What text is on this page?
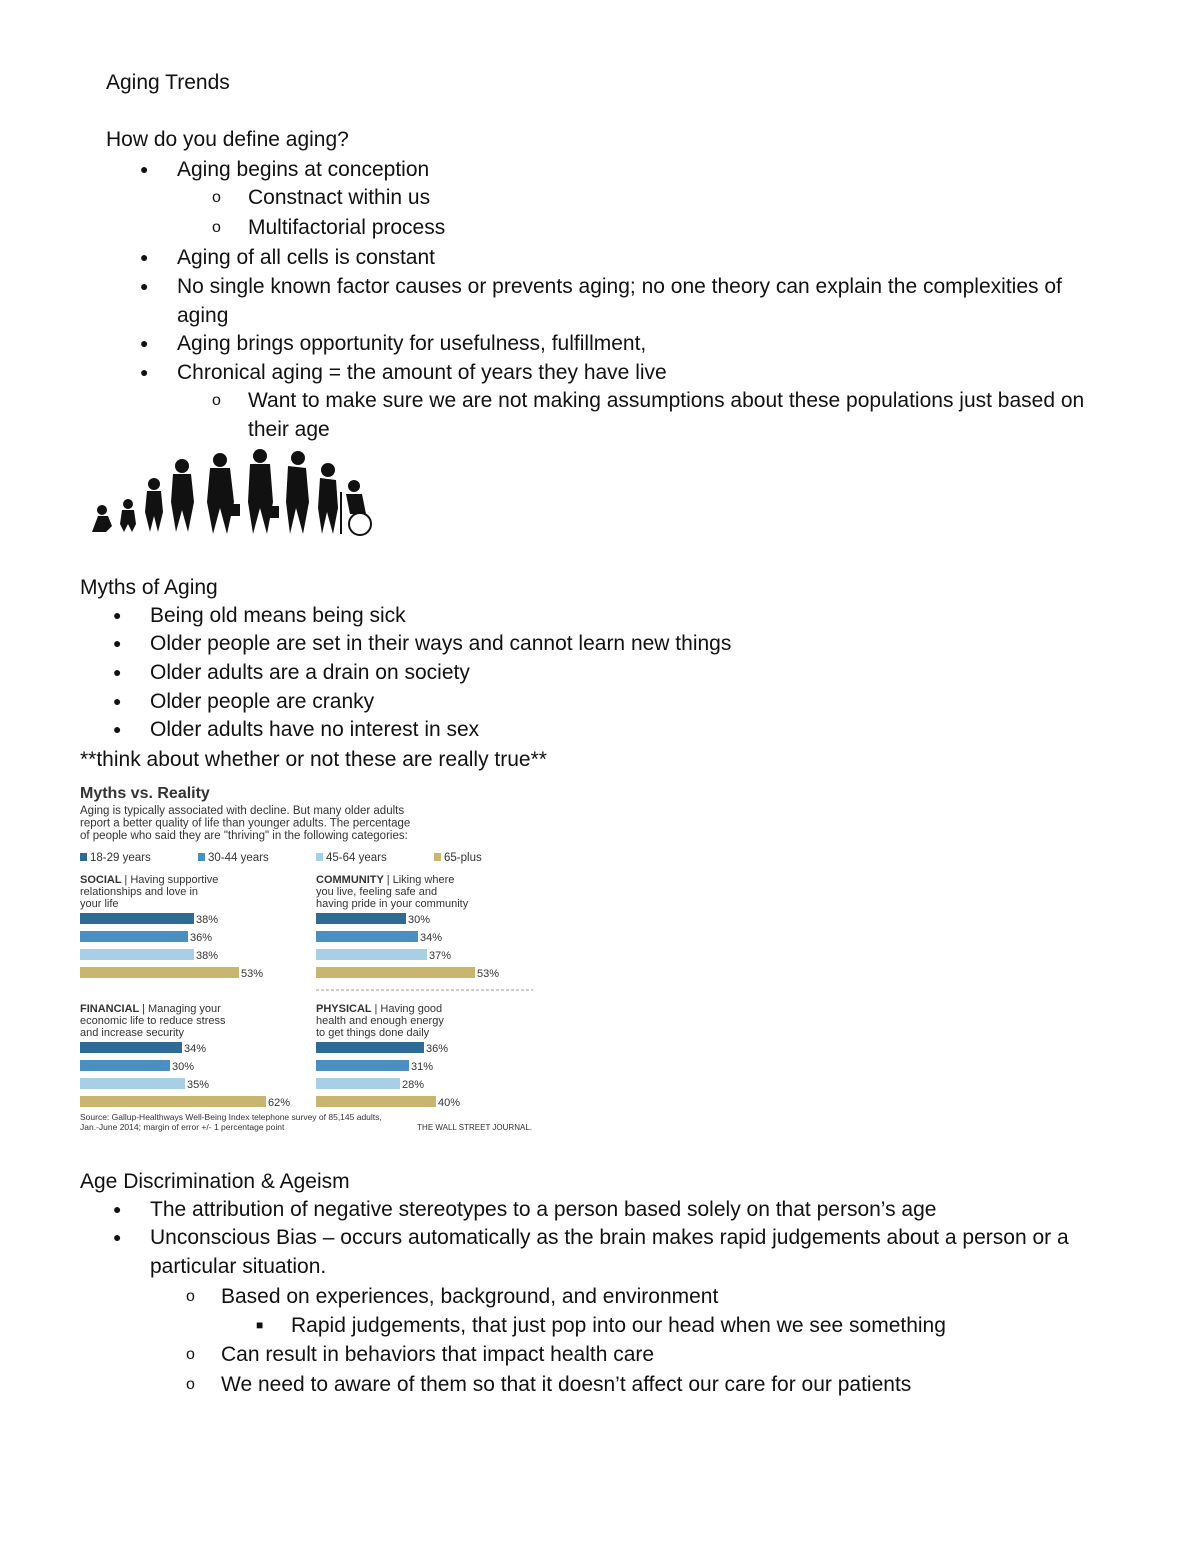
Aging Trends
How do you define aging?
● Aging begins at conception
o Constnact within us
o Multifactorial process
● Aging of all cells is constant
● No single known factor causes or prevents aging; no one theory can explain the complexities of aging
● Aging brings opportunity for usefulness, fulfillment,
● Chronical aging = the amount of years they have live
o Want to make sure we are not making assumptions about these populations just based on their age
Myths of Aging
● Being old means being sick
● Older people are set in their ways and cannot learn new things
● Older adults are a drain on society
● Older people are cranky
● Older adults have no interest in sex
**think about whether or not these are really true**
Myths vs. Reality
Aging is typically associated with decline. But many older adults
report a better quality of life than younger adults. The percentage
of people who said they are "thriving" in the following categories:
18-29 years	30-44 years	45-64 years	65-plus
SOCIAL | Having supportive
relationships and love in
your life
38%
36%
38%
53%
COMMUNITY | Liking where
you live, feeling safe and
having pride in your community
30%
34%
37%
53%
FINANCIAL | Managing your
economic life to reduce stress
and increase security
34%
30%
35%
62%
PHYSICAL | Having good
health and enough energy
to get things done daily
36%
31%
28%
40%
Source: Gallup-Healthways Well-Being Index telephone survey of 85,145 adults,
Jan.-June 2014; margin of error +/- 1 percentage point	THE WALL STREET JOURNAL.
Age Discrimination & Ageism
● The attribution of negative stereotypes to a person based solely on that person’s age
● Unconscious Bias – occurs automatically as the brain makes rapid judgements about a person or a particular situation.
o Based on experiences, background, and environment
■ Rapid judgements, that just pop into our head when we see something
o Can result in behaviors that impact health care
o We need to aware of them so that it doesn’t affect our care for our patients
